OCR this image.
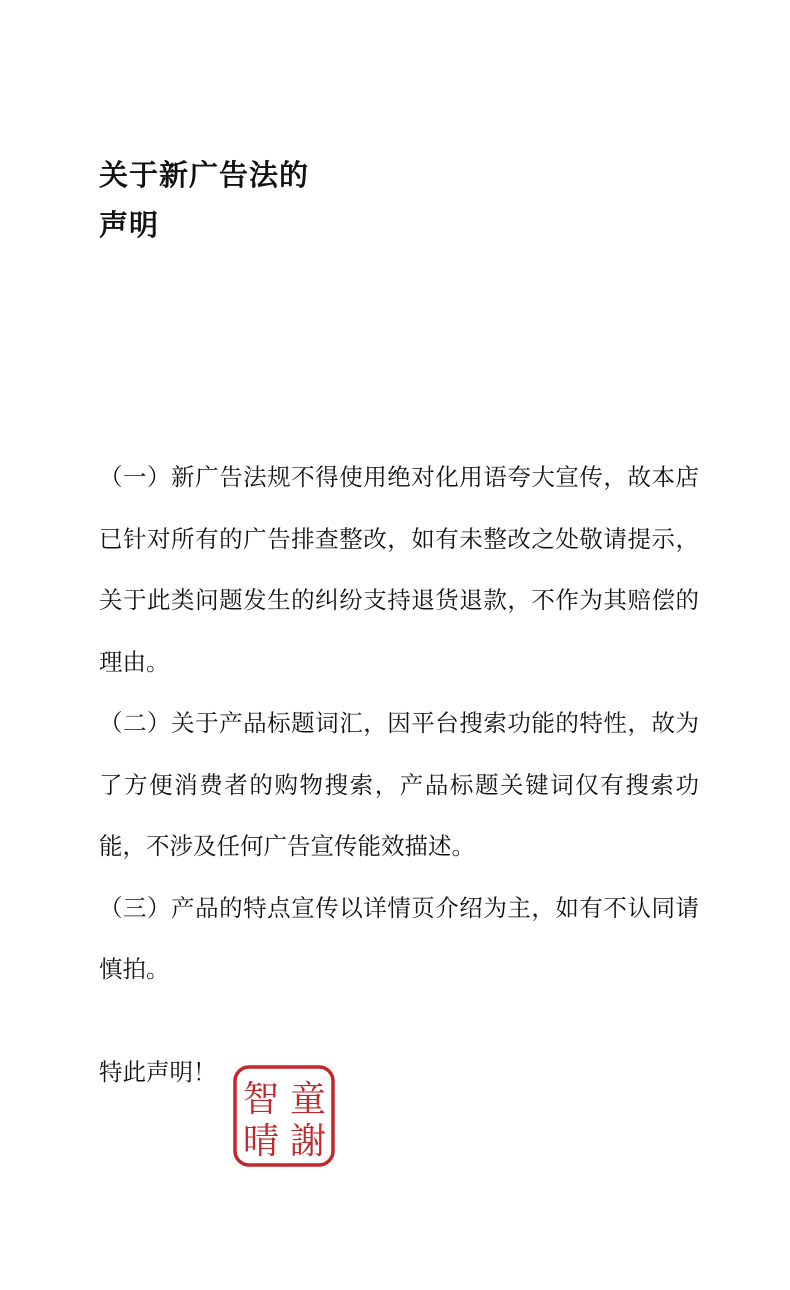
关于新广告法的
声明

（一）新广告法规不得使用绝对化用语夸大宣传，故本店已针对所有的广告排查整改，如有未整改之处敬请提示，关于此类问题发生的纠纷支持退货退款，不作为其赔偿的理由。

（二）关于产品标题词汇，因平台搜索功能的特性，故为了方便消费者的购物搜索，产品标题关键词仅有搜索功能，不涉及任何广告宣传能效描述。

（三）产品的特点宣传以详情页介绍为主，如有不认同请慎拍。

特此声明！

童
謝
智
晴
